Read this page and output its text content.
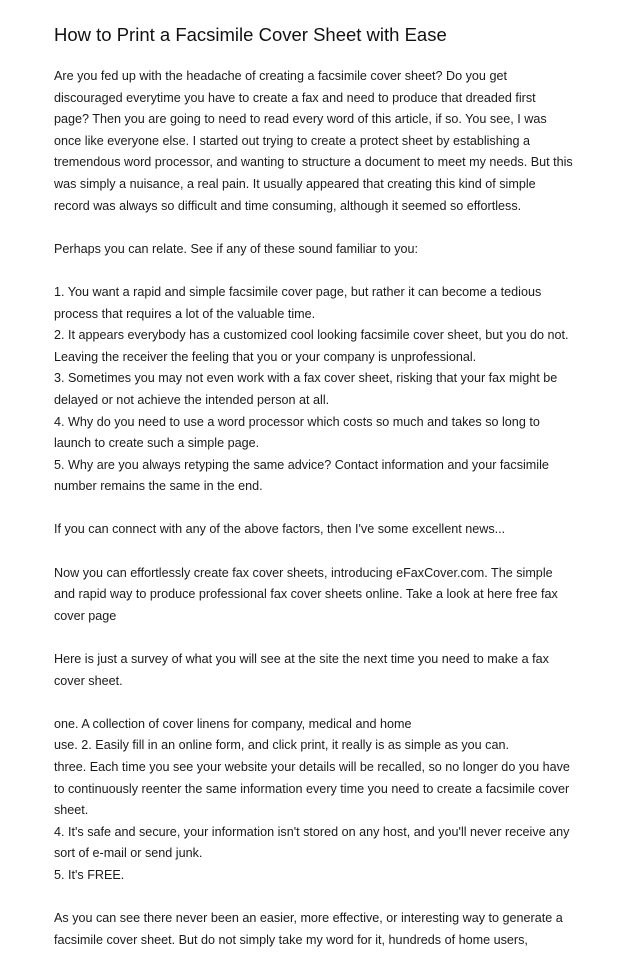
How to Print a Facsimile Cover Sheet with Ease

Are you fed up with the headache of creating a facsimile cover sheet? Do you get
discouraged everytime you have to create a fax and need to produce that dreaded first
page? Then you are going to need to read every word of this article, if so. You see, I was
once like everyone else. I started out trying to create a protect sheet by establishing a
tremendous word processor, and wanting to structure a document to meet my needs. But this
was simply a nuisance, a real pain. It usually appeared that creating this kind of simple
record was always so difficult and time consuming, although it seemed so effortless.

Perhaps you can relate. See if any of these sound familiar to you:

1. You want a rapid and simple facsimile cover page, but rather it can become a tedious
process that requires a lot of the valuable time.
2. It appears everybody has a customized cool looking facsimile cover sheet, but you do not.
Leaving the receiver the feeling that you or your company is unprofessional.
3. Sometimes you may not even work with a fax cover sheet, risking that your fax might be
delayed or not achieve the intended person at all.
4. Why do you need to use a word processor which costs so much and takes so long to
launch to create such a simple page.
5. Why are you always retyping the same advice? Contact information and your facsimile
number remains the same in the end.

If you can connect with any of the above factors, then I've some excellent news...

Now you can effortlessly create fax cover sheets, introducing eFaxCover.com. The simple
and rapid way to produce professional fax cover sheets online. Take a look at here free fax
cover page

Here is just a survey of what you will see at the site the next time you need to make a fax
cover sheet.

one. A collection of cover linens for company, medical and home
use. 2. Easily fill in an online form, and click print, it really is as simple as you can.
three. Each time you see your website your details will be recalled, so no longer do you have
to continuously reenter the same information every time you need to create a facsimile cover
sheet.
4. It's safe and secure, your information isn't stored on any host, and you'll never receive any
sort of e-mail or send junk.
5. It's FREE.

As you can see there never been an easier, more effective, or interesting way to generate a
facsimile cover sheet. But do not simply take my word for it, hundreds of home users,
